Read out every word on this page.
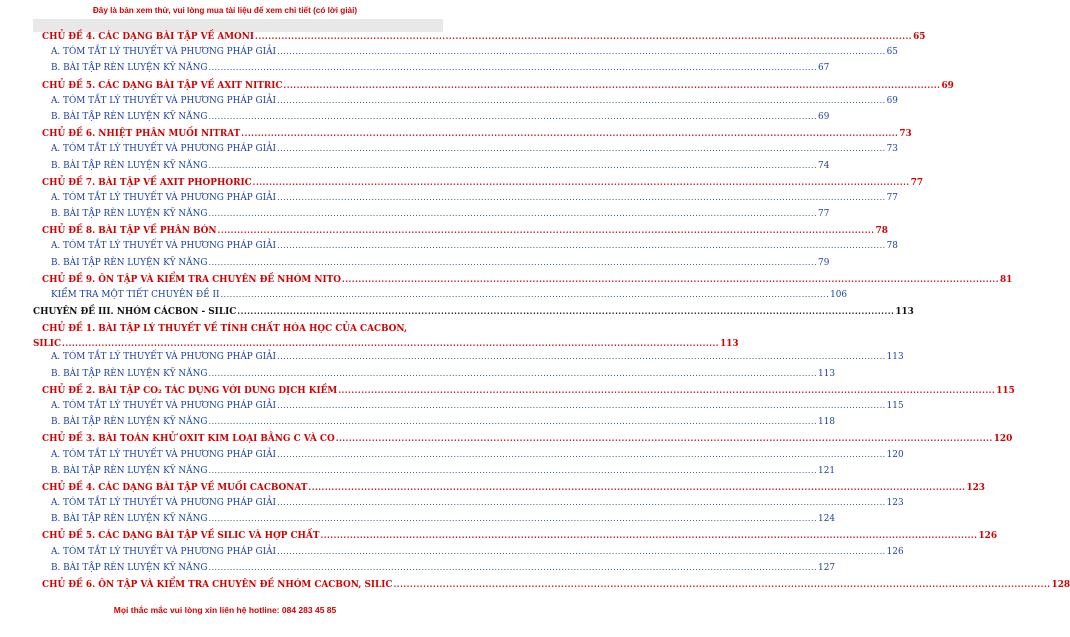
Đây là bản xem thử, vui lòng mua tài liệu để xem chi tiết (có lời giải)
CHỦ ĐỀ 4. CÁC DẠNG BÀI TẬP VỀ AMONI .....	65
A. TÓM TẮT LÝ THUYẾT VÀ PHƯƠNG PHÁP GIẢI .....	65
B. BÀI TẬP RÈN LUYỆN KỸ NĂNG .....	67
CHỦ ĐỀ 5. CÁC DẠNG BÀI TẬP VỀ AXIT NITRIC .....	69
A. TÓM TẮT LÝ THUYẾT VÀ PHƯƠNG PHÁP GIẢI .....	69
B. BÀI TẬP RÈN LUYỆN KỸ NĂNG .....	69
CHỦ ĐỀ 6. NHIỆT PHÂN MUỐI NITRAT .....	73
A. TÓM TẮT LÝ THUYẾT VÀ PHƯƠNG PHÁP GIẢI .....	73
B. BÀI TẬP RÈN LUYỆN KỸ NĂNG .....	74
CHỦ ĐỀ 7. BÀI TẬP VỀ AXIT PHOPHORIC .....	77
A. TÓM TẮT LÝ THUYẾT VÀ PHƯƠNG PHÁP GIẢI .....	77
B. BÀI TẬP RÈN LUYỆN KỸ NĂNG .....	77
CHỦ ĐỀ 8. BÀI TẬP VỀ PHÂN BÓN .....	78
A. TÓM TẮT LÝ THUYẾT VÀ PHƯƠNG PHÁP GIẢI .....	78
B. BÀI TẬP RÈN LUYỆN KỸ NĂNG .....	79
CHỦ ĐỀ 9. ÔN TẬP VÀ KIỂM TRA CHUYÊN ĐỀ NHÓM NITO .....	81
KIỂM TRA MỘT TIẾT CHUYÊN ĐỀ II .....	106
CHUYÊN ĐỀ III. NHÓM CÁCBON - SILIC .....	113
CHỦ ĐỀ 1. BÀI TẬP LÝ THUYẾT VỀ TÍNH CHẤT HÓA HỌC CỦA CACBON,
SILIC .....	113
A. TÓM TẮT LÝ THUYẾT VÀ PHƯƠNG PHÁP GIẢI .....	113
B. BÀI TẬP RÈN LUYỆN KỸ NĂNG .....	113
CHỦ ĐỀ 2. BÀI TẬP CO₂ TÁC DỤNG VỚI DUNG DỊCH KIỀM .....	115
A. TÓM TẮT LÝ THUYẾT VÀ PHƯƠNG PHÁP GIẢI .....	115
B. BÀI TẬP RÈN LUYỆN KỸ NĂNG .....	118
CHỦ ĐỀ 3. BÀI TOÁN KHỬ OXIT KIM LOẠI BẰNG C VÀ CO .....	120
A. TÓM TẮT LÝ THUYẾT VÀ PHƯƠNG PHÁP GIẢI .....	120
B. BÀI TẬP RÈN LUYỆN KỸ NĂNG .....	121
CHỦ ĐỀ 4. CÁC DẠNG BÀI TẬP VỀ MUỐI CACBONAT .....	123
A. TÓM TẮT LÝ THUYẾT VÀ PHƯƠNG PHÁP GIẢI .....	123
B. BÀI TẬP RÈN LUYỆN KỸ NĂNG .....	124
CHỦ ĐỀ 5. CÁC DẠNG BÀI TẬP VỀ SILIC VÀ HỢP CHẤT .....	126
A. TÓM TẮT LÝ THUYẾT VÀ PHƯƠNG PHÁP GIẢI .....	126
B. BÀI TẬP RÈN LUYỆN KỸ NĂNG .....	127
CHỦ ĐỀ 6. ÔN TẬP VÀ KIỂM TRA CHUYÊN ĐỀ NHÓM CACBON, SILIC .....	128
Mọi thắc mắc vui lòng xin liên hệ hotline: 084 283 45 85
